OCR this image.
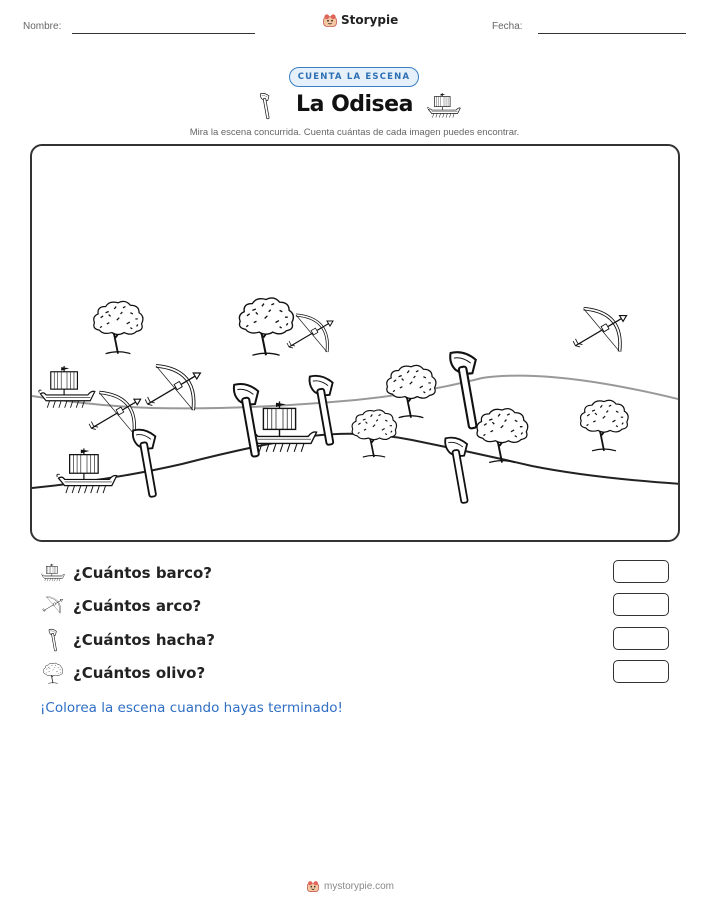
Nombre:	Storypie	Fecha:
CUENTA LA ESCENA
La Odisea
Mira la escena concurrida. Cuenta cuántas de cada imagen puedes encontrar.
¿Cuántos barco?
¿Cuántos arco?
¿Cuántos hacha?
¿Cuántos olivo?
¡Colorea la escena cuando hayas terminado!
mystorypie.com
